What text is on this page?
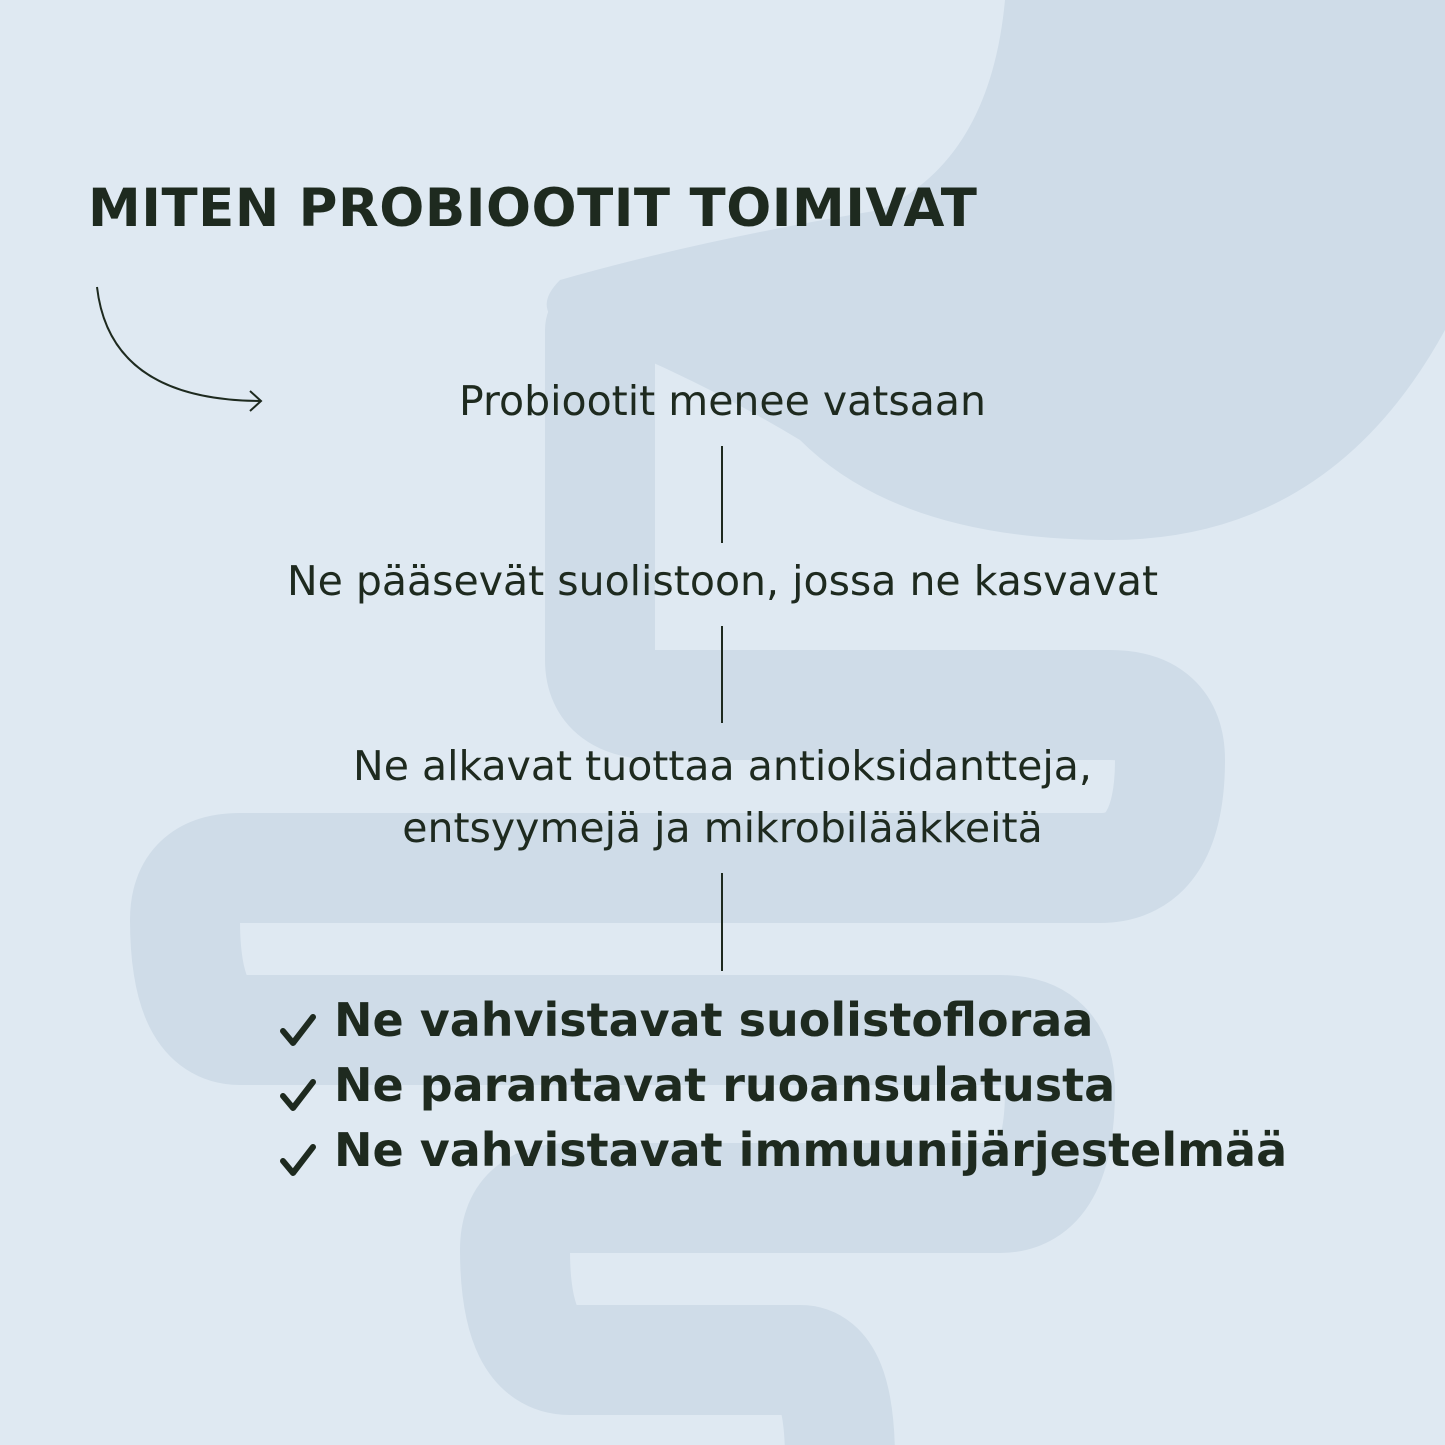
MITEN PROBIOOTIT TOIMIVAT
Probiootit menee vatsaan
Ne pääsevät suolistoon, jossa ne kasvavat
Ne alkavat tuottaa antioksidantteja,
entsyymejä ja mikrobilääkkeitä
Ne vahvistavat suolistofloraa
Ne parantavat ruoansulatusta
Ne vahvistavat immuunijärjestelmää
